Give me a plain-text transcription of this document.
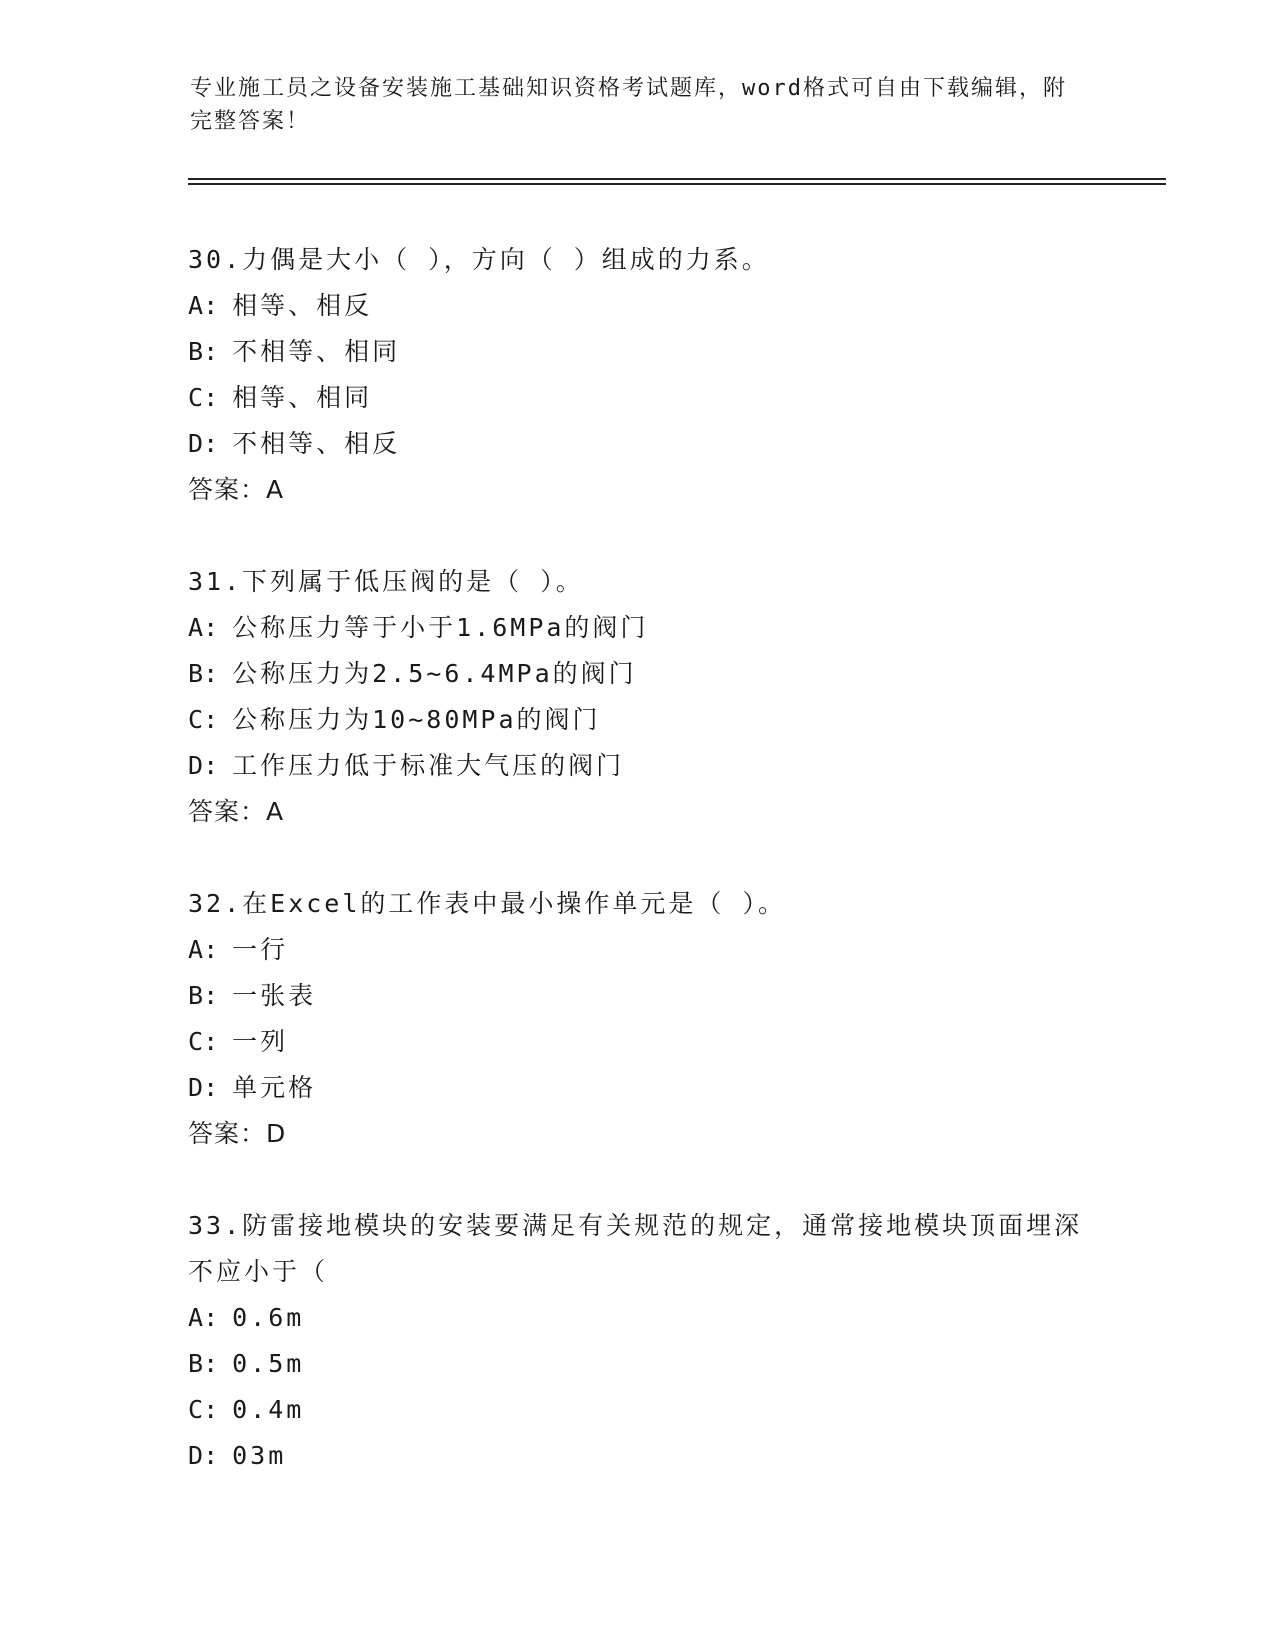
专业施工员之设备安装施工基础知识资格考试题库，word格式可自由下载编辑，附完整答案！
30.力偶是大小（ ），方向（ ）组成的力系。
A: 相等、相反
B: 不相等、相同
C: 相等、相同
D: 不相等、相反
答案：A
31.下列属于低压阀的是（ ）。
A: 公称压力等于小于1.6MPa的阀门
B: 公称压力为2.5~6.4MPa的阀门
C: 公称压力为10~80MPa的阀门
D: 工作压力低于标准大气压的阀门
答案：A
32.在Excel的工作表中最小操作单元是（ ）。
A: 一行
B: 一张表
C: 一列
D: 单元格
答案：D
33.防雷接地模块的安装要满足有关规范的规定，通常接地模块顶面埋深不应小于（
A: 0.6m
B: 0.5m
C: 0.4m
D: 03m
